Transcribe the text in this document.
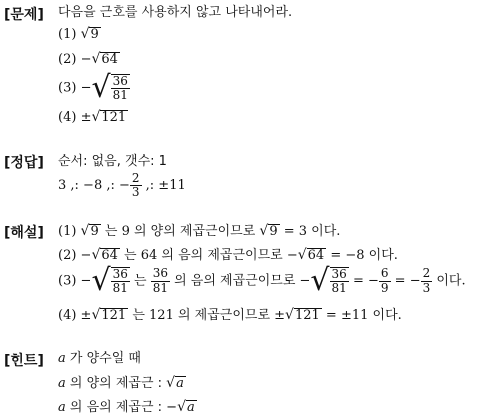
[문제] 다음을 근호를 사용하지 않고 나타내어라.
(1) √9
(2) −√64
(3) −√ $\frac{36}{81}$
(4) ±√121
[정답] 순서: 없음, 갯수: 1
3 ,: −8 ,: − $\frac{2}{3}$ ,: ±11
[해설] (1) √9 는 9 의 양의 제곱근이므로 √9 = 3 이다.
(2) −√64 는 64 의 음의 제곱근이므로 −√64 = −8 이다.
(3) −√ $\frac{36}{81}$ 는 $\frac{36}{81}$ 의 음의 제곱근이므로 −√ $\frac{36}{81}$ = − $\frac{6}{9}$ = − $\frac{2}{3}$ 이다.
(4) ±√121 는 121 의 제곱근이므로 ±√121 = ±11 이다.
[힌트] a 가 양수일 때
a 의 양의 제곱근 : √a
a 의 음의 제곱근 : −√a
